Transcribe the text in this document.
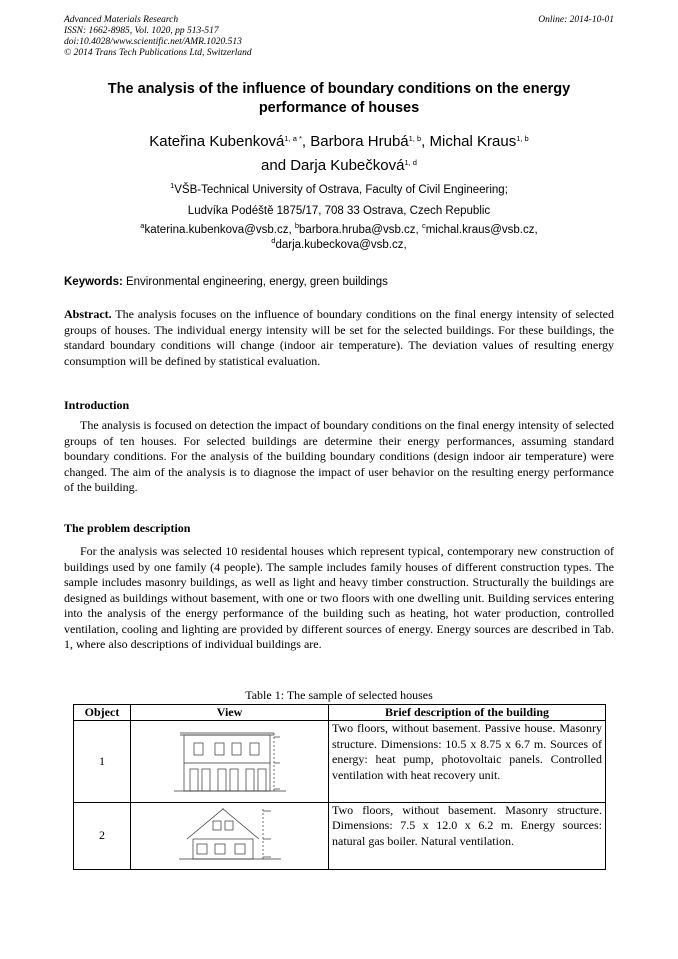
Advanced Materials Research
ISSN: 1662-8985, Vol. 1020, pp 513-517
doi:10.4028/www.scientific.net/AMR.1020.513
© 2014 Trans Tech Publications Ltd, Switzerland
Online: 2014-10-01
The analysis of the influence of boundary conditions on the energy
performance of houses
Kateřina Kubenková$^{1, a *}$, Barbora Hrubá$^{1, b}$, Michal Kraus$^{1, b}$
and Darja Kubečková$^{1, d}$
$^1$VŠB-Technical University of Ostrava, Faculty of Civil Engineering;
Ludvíka Podéště 1875/17, 708 33 Ostrava, Czech Republic
$^a$katerina.kubenkova@vsb.cz, $^b$barbora.hruba@vsb.cz, $^c$michal.kraus@vsb.cz,
$^d$darja.kubeckova@vsb.cz,
Keywords: Environmental engineering, energy, green buildings
Abstract. The analysis focuses on the influence of boundary conditions on the final energy intensity of selected groups of houses. The individual energy intensity will be set for the selected buildings. For these buildings, the standard boundary conditions will change (indoor air temperature). The deviation values of resulting energy consumption will be defined by statistical evaluation.
Introduction
The analysis is focused on detection the impact of boundary conditions on the final energy intensity of selected groups of ten houses. For selected buildings are determine their energy performances, assuming standard boundary conditions. For the analysis of the building boundary conditions (design indoor air temperature) were changed. The aim of the analysis is to diagnose the impact of user behavior on the resulting energy performance of the building.
The problem description
For the analysis was selected 10 residental houses which represent typical, contemporary new construction of buildings used by one family (4 people). The sample includes family houses of different construction types. The sample includes masonry buildings, as well as light and heavy timber construction. Structurally the buildings are designed as buildings without basement, with one or two floors with one dwelling unit. Building services entering into the analysis of the energy performance of the building such as heating, hot water production, controlled ventilation, cooling and lighting are provided by different sources of energy. Energy sources are described in Tab. 1, where also descriptions of individual buildings are.
Table 1: The sample of selected houses
Object	View	Brief description of the building
1		Two floors, without basement. Passive house. Masonry structure. Dimensions: 10.5 x 8.75 x 6.7 m. Sources of energy: heat pump, photovoltaic panels. Controlled ventilation with heat recovery unit.
2		Two floors, without basement. Masonry structure. Dimensions: 7.5 x 12.0 x 6.2 m. Energy sources: natural gas boiler. Natural ventilation.
